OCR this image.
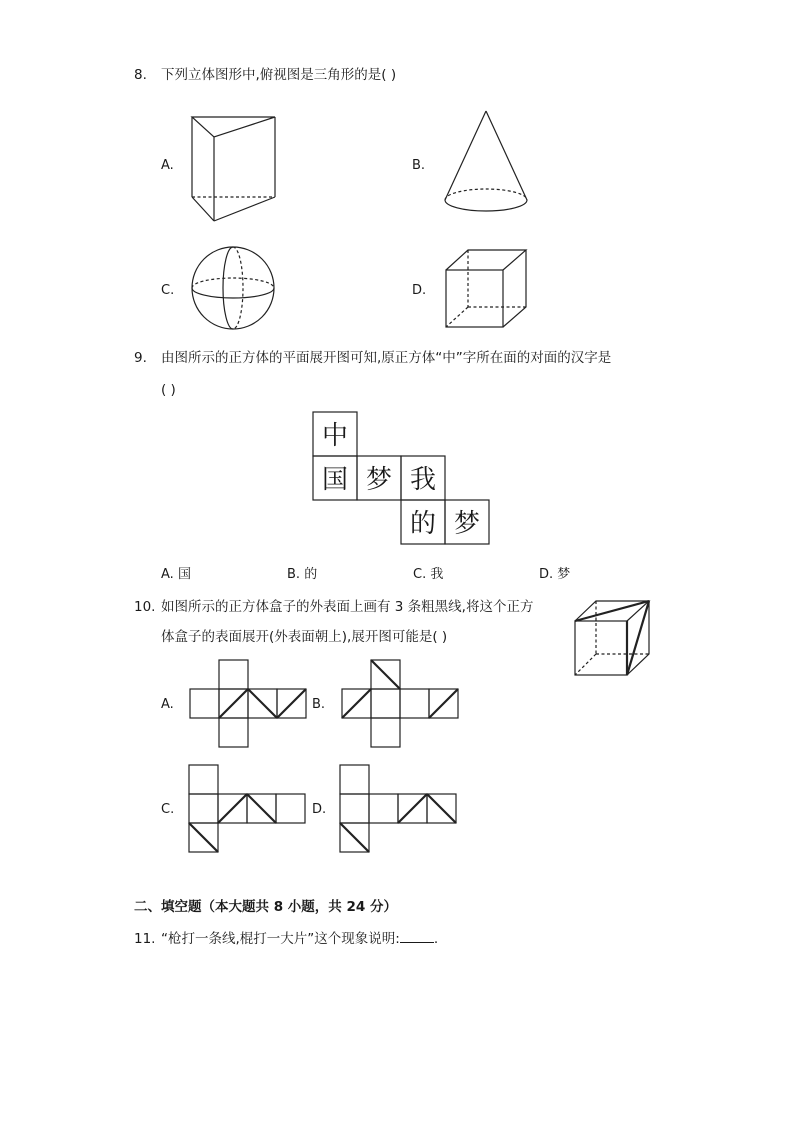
8. 下列立体图形中,俯视图是三角形的是( )
A.	B.
C.	D.
9. 由图所示的正方体的平面展开图可知,原正方体“中”字所在面的对面的汉字是
( )
中
国 梦 我
的 梦
A. 国	B. 的	C. 我	D. 梦
10. 如图所示的正方体盒子的外表面上画有 3 条粗黑线,将这个正方
体盒子的表面展开(外表面朝上),展开图可能是( )
A.	B.
C.	D.
二、填空题（本大题共 8 小题，共 24 分）
11. “枪打一条线,棍打一大片”这个现象说明:	.
